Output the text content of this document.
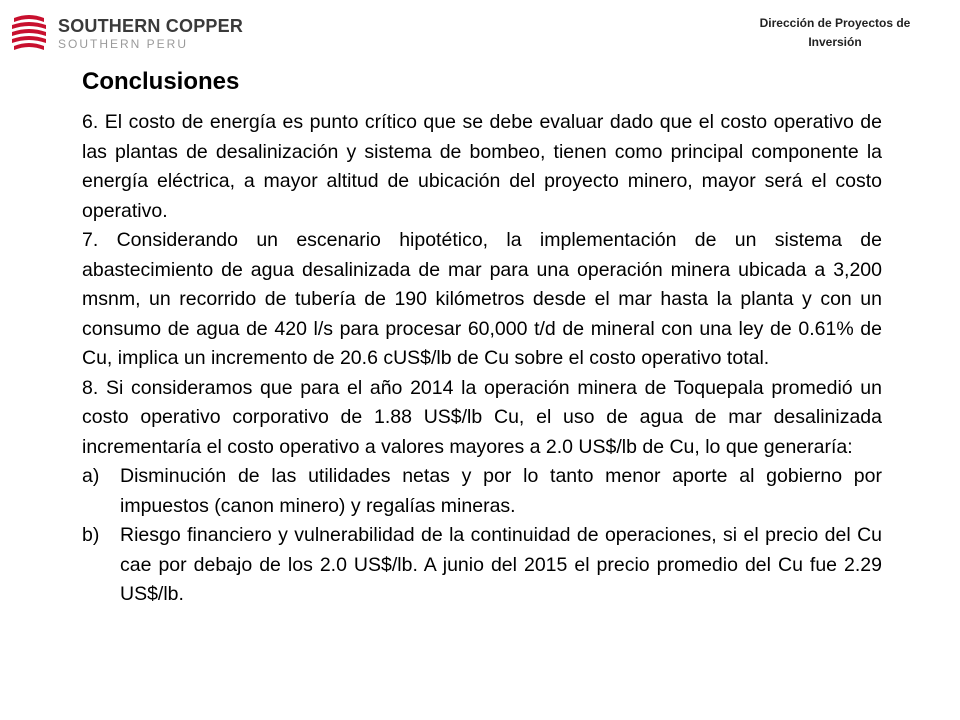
SOUTHERN COPPER
SOUTHERN PERU
Dirección de Proyectos de
Inversión
Conclusiones

6. El costo de energía es punto crítico que se debe evaluar dado que el costo operativo de las plantas de desalinización y sistema de bombeo, tienen como principal componente la energía eléctrica, a mayor altitud de ubicación del proyecto minero, mayor será el costo operativo.

7. Considerando un escenario hipotético, la implementación de un sistema de abastecimiento de agua desalinizada de mar para una operación minera ubicada a 3,200 msnm, un recorrido de tubería de 190 kilómetros desde el mar hasta la planta y con un consumo de agua de 420 l/s para procesar 60,000 t/d de mineral con una ley de 0.61% de Cu, implica un incremento de 20.6 cUS$/lb de Cu sobre el costo operativo total.

8. Si consideramos que para el año 2014 la operación minera de Toquepala promedió un costo operativo corporativo de 1.88 US$/lb Cu, el uso de agua de mar desalinizada incrementaría el costo operativo a valores mayores a 2.0 US$/lb de Cu, lo que generaría:

a)	Disminución de las utilidades netas y por lo tanto menor aporte al gobierno por impuestos (canon minero) y regalías mineras.
b)	Riesgo financiero y vulnerabilidad de la continuidad de operaciones, si el precio del Cu cae por debajo de los 2.0 US$/lb. A junio del 2015 el precio promedio del Cu fue 2.29 US$/lb.
